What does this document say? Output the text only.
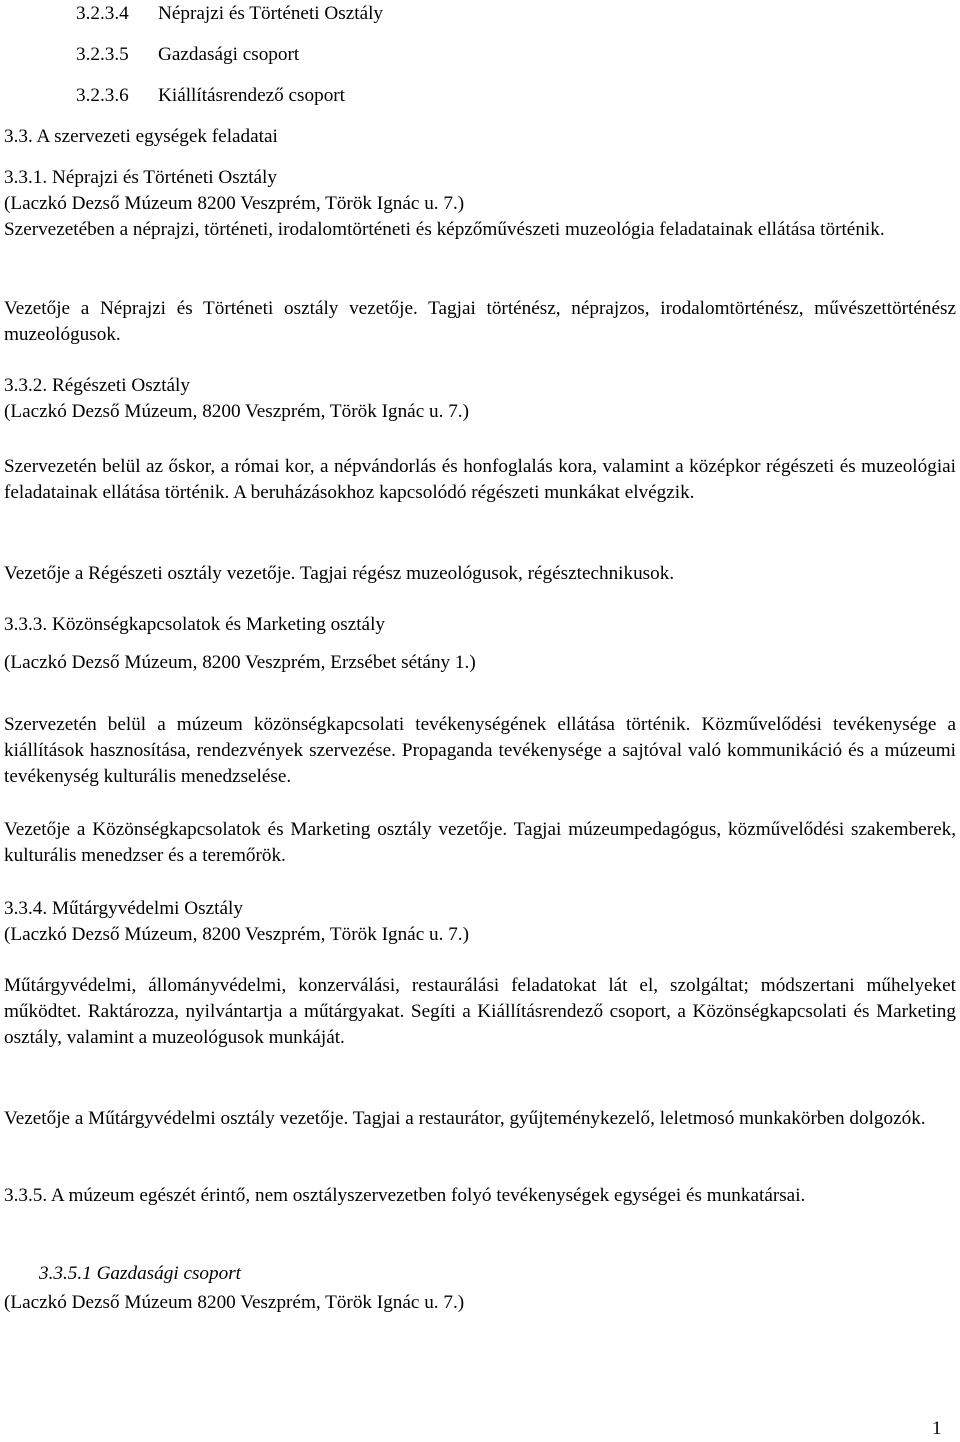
3.2.3.4 Néprajzi és Történeti Osztály
3.2.3.5 Gazdasági csoport
3.2.3.6 Kiállításrendező csoport
3.3. A szervezeti egységek feladatai
3.3.1. Néprajzi és Történeti Osztály
(Laczkó Dezső Múzeum 8200 Veszprém, Török Ignác u. 7.)

Szervezetében a néprajzi, történeti, irodalomtörténeti és képzőművészeti muzeológia feladatainak ellátása történik.

Vezetője a Néprajzi és Történeti osztály vezetője. Tagjai történész, néprajzos, irodalomtörténész, művészettörténész muzeológusok.

3.3.2. Régészeti Osztály
(Laczkó Dezső Múzeum, 8200 Veszprém, Török Ignác u. 7.)

Szervezetén belül az őskor, a római kor, a népvándorlás és honfoglalás kora, valamint a középkor régészeti és muzeológiai feladatainak ellátása történik. A beruházásokhoz kapcsolódó régészeti munkákat elvégzik.

Vezetője a Régészeti osztály vezetője. Tagjai régész muzeológusok, régésztechnikusok.

3.3.3. Közönségkapcsolatok és Marketing osztály
(Laczkó Dezső Múzeum, 8200 Veszprém, Erzsébet sétány 1.)

Szervezetén belül a múzeum közönségkapcsolati tevékenységének ellátása történik. Közművelődési tevékenysége a kiállítások hasznosítása, rendezvények szervezése. Propaganda tevékenysége a sajtóval való kommunikáció és a múzeumi tevékenység kulturális menedzselése.

Vezetője a Közönségkapcsolatok és Marketing osztály vezetője. Tagjai múzeumpedagógus, közművelődési szakemberek, kulturális menedzser és a teremőrök.

3.3.4. Műtárgyvédelmi Osztály
(Laczkó Dezső Múzeum, 8200 Veszprém, Török Ignác u. 7.)

Műtárgyvédelmi, állományvédelmi, konzerválási, restaurálási feladatokat lát el, szolgáltat; módszertani műhelyeket működtet. Raktározza, nyilvántartja a műtárgyakat. Segíti a Kiállításrendező csoport, a Közönségkapcsolati és Marketing osztály, valamint a muzeológusok munkáját.

Vezetője a Műtárgyvédelmi osztály vezetője. Tagjai a restaurátor, gyűjteménykezelő, leletmosó munkakörben dolgozók.

3.3.5. A múzeum egészét érintő, nem osztályszervezetben folyó tevékenységek egységei és munkatársai.

3.3.5.1 Gazdasági csoport
(Laczkó Dezső Múzeum 8200 Veszprém, Török Ignác u. 7.)
1
